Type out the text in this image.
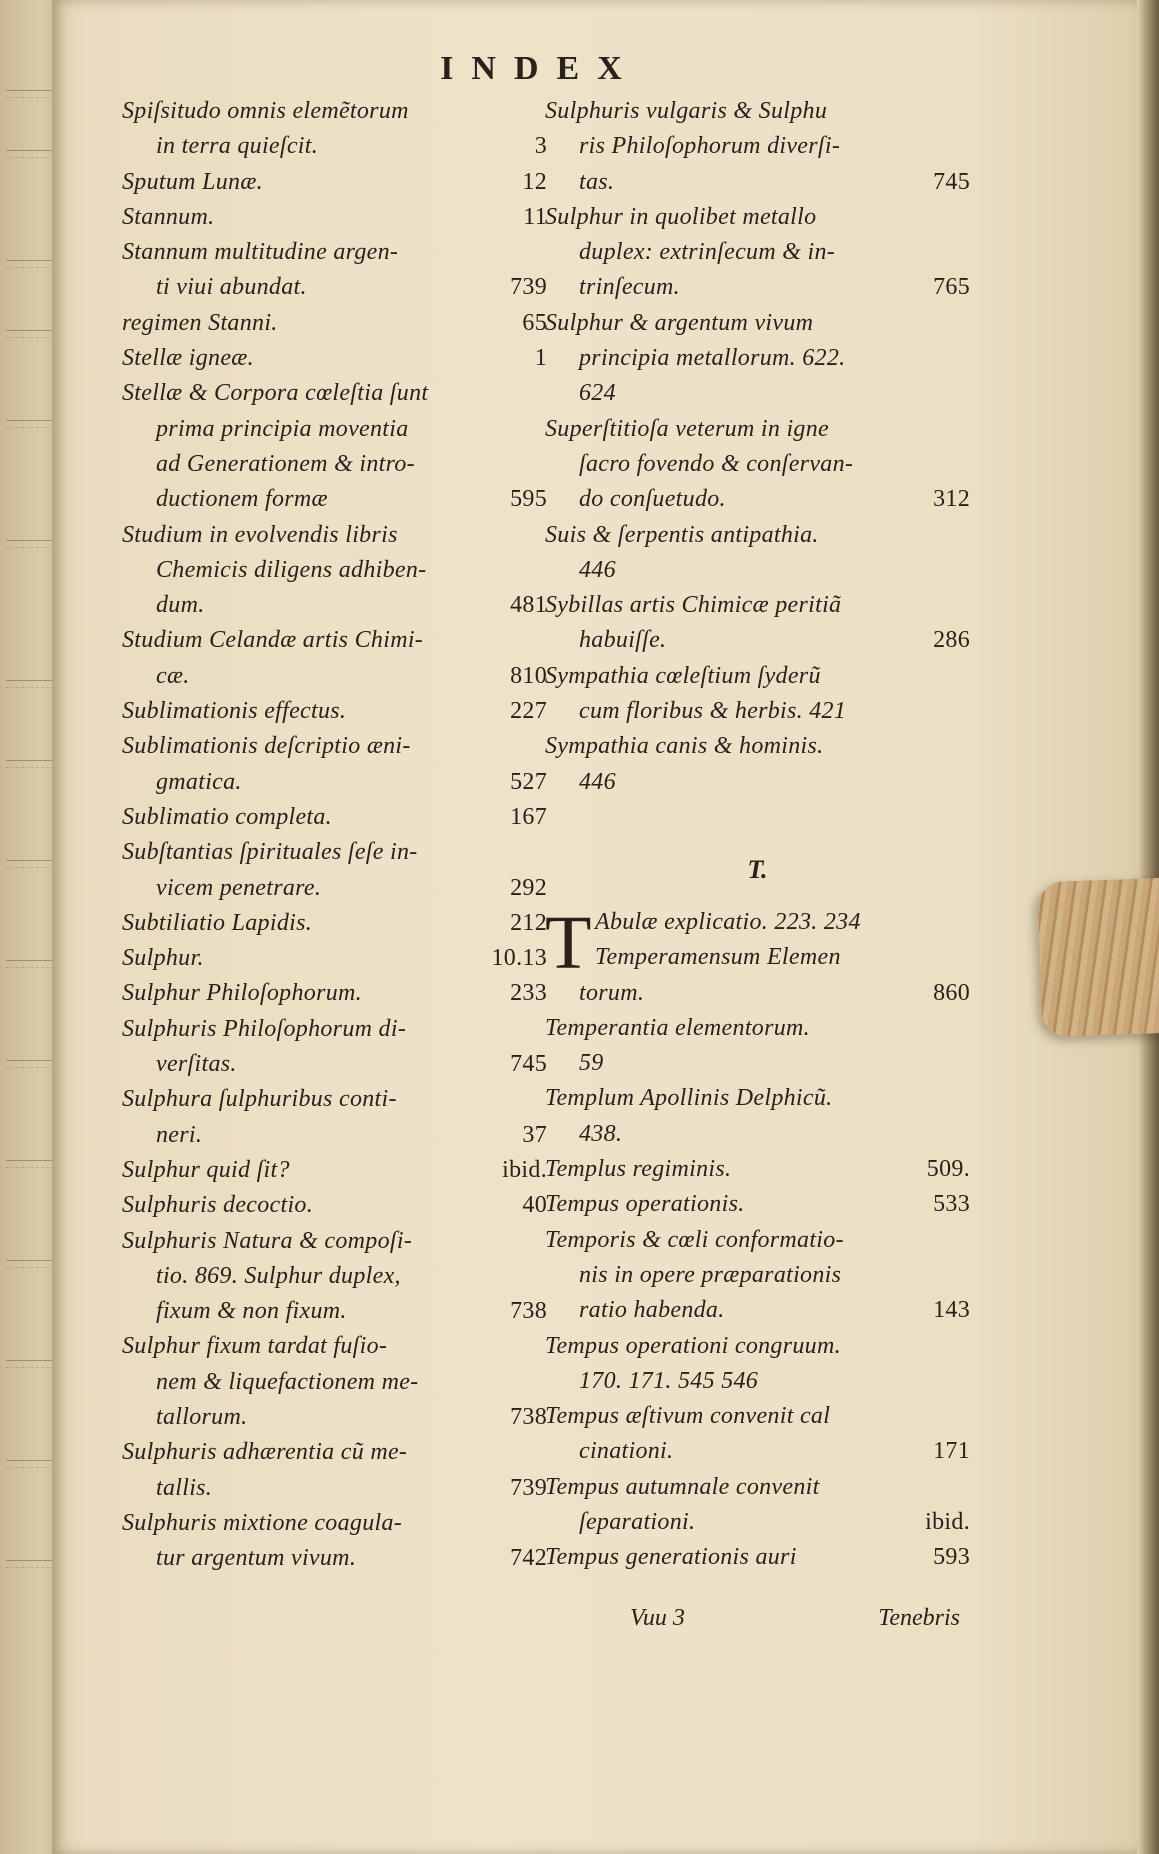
INDEX
Spiſsitudo omnis elemẽtorum
in terra quieſcit.	3
Sputum Lunæ.	12
Stannum.	11
Stannum multitudine argen-
ti viui abundat.	739
regimen Stanni.	65
Stellæ igneæ.	1
Stellæ & Corpora cœleſtia ſunt
prima principia moventia
ad Generationem & intro-
ductionem formæ	595
Studium in evolvendis libris
Chemicis diligens adhiben-
dum.	481
Studium Celandæ artis Chimi-
cæ.	810
Sublimationis effectus.	227
Sublimationis deſcriptio æni-
gmatica.	527
Sublimatio completa.	167
Subſtantias ſpirituales ſeſe in-
vicem penetrare.	292
Subtiliatio Lapidis.	212
Sulphur.	10.13
Sulphur Philoſophorum.	233
Sulphuris Philoſophorum di-
verſitas.	745
Sulphura ſulphuribus conti-
neri.	37
Sulphur quid ſit?	ibid.
Sulphuris decoctio.	40
Sulphuris Natura & compoſi-
tio. 869. Sulphur duplex,
fixum & non fixum.	738
Sulphur fixum tardat fuſio-
nem & liquefactionem me-
tallorum.	738
Sulphuris adhærentia cũ me-
tallis.	739
Sulphuris mixtione coagula-
tur argentum vivum.	742
Sulphuris vulgaris & Sulphu
ris Philoſophorum diverſi-
tas.	745
Sulphur in quolibet metallo
duplex: extrinſecum & in-
trinſecum.	765
Sulphur & argentum vivum
principia metallorum. 622.
624
Superſtitioſa veterum in igne
ſacro fovendo & conſervan-
do conſuetudo.	312
Suis & ſerpentis antipathia.
446
Sybillas artis Chimicæ peritiã
habuiſſe.	286
Sympathia cœleſtium ſyderũ
cum floribus & herbis. 421
Sympathia canis & hominis.
446
T.
T Abulæ explicatio. 223. 234
Temperamensum Elemen
torum.	860
Temperantia elementorum.
59
Templum Apollinis Delphicũ.
438.
Templus regiminis.	509.
Tempus operationis.	533
Temporis & cœli conformatio-
nis in opere præparationis
ratio habenda.	143
Tempus operationi congruum.
170. 171. 545 546
Tempus æſtivum convenit cal
cinationi.	171
Tempus autumnale convenit
ſeparationi.	ibid.
Tempus generationis auri	593
Vuu 3	Tenebris
